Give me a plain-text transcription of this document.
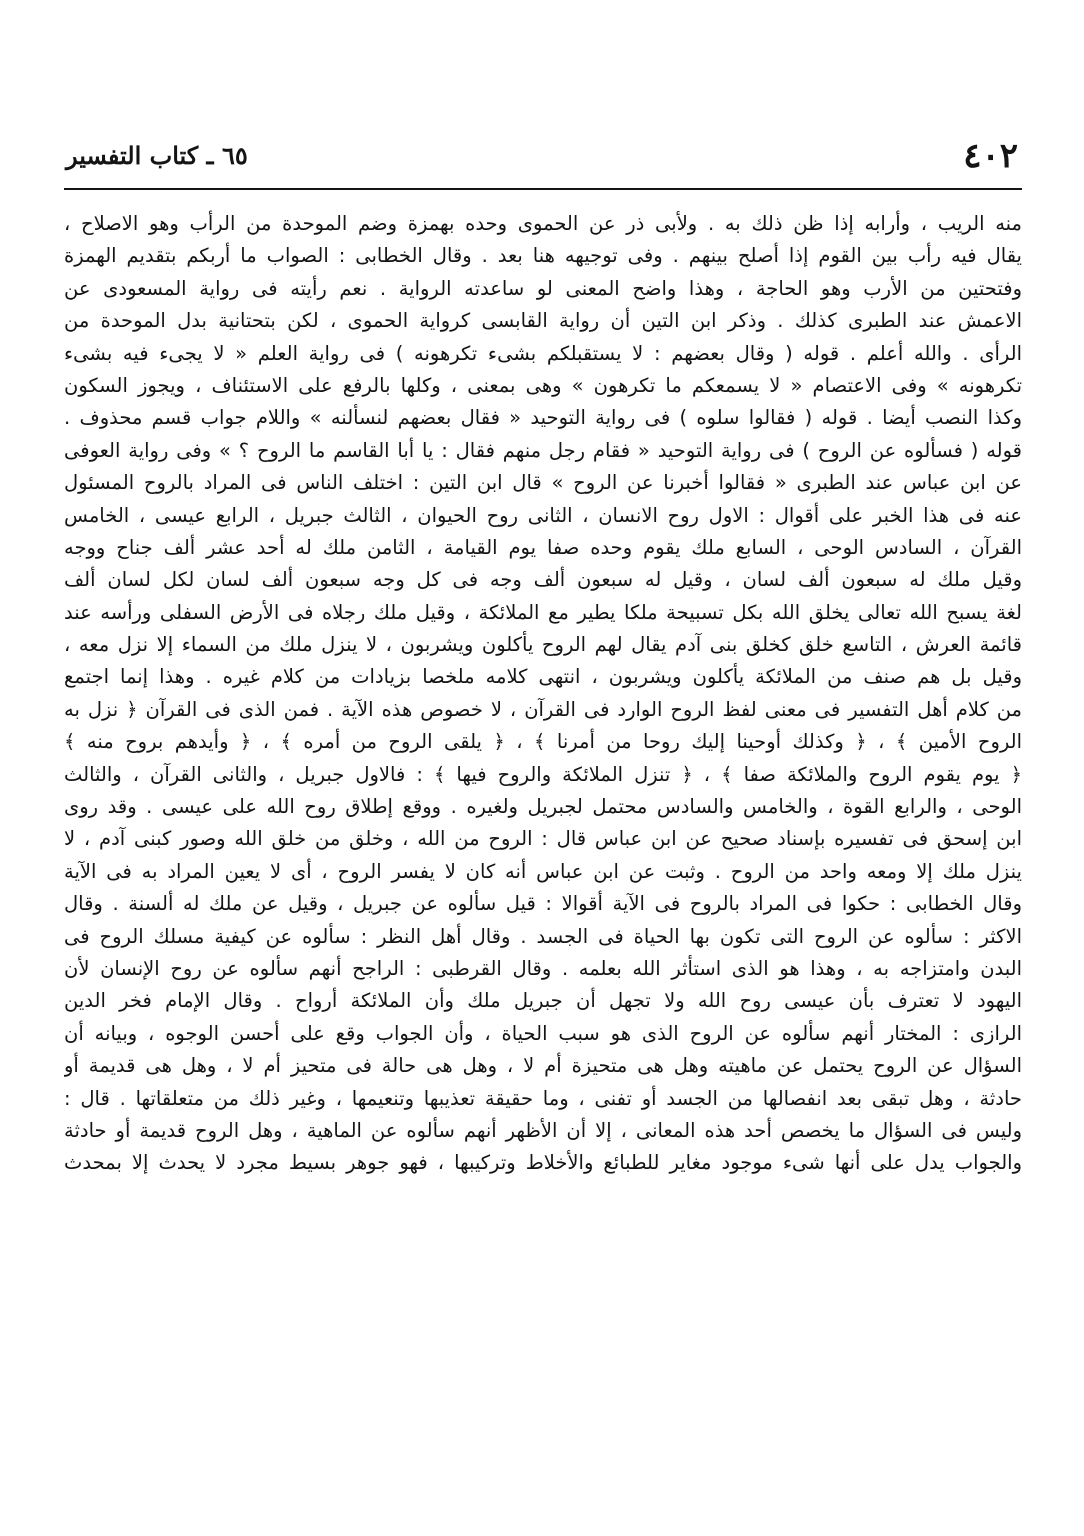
٤٠٢
٦٥ ـ كتاب التفسير
منه الريب ، وأرابه إذا ظن ذلك به . ولأبى ذر عن الحموى وحده بهمزة وضم الموحدة من الرأب وهو الاصلاح ،
يقال فيه رأب بين القوم إذا أصلح بينهم . وفى توجيهه هنا بعد . وقال الخطابى : الصواب ما أربكم بتقديم الهمزة
وفتحتين من الأرب وهو الحاجة ، وهذا واضح المعنى لو ساعدته الرواية . نعم رأيته فى رواية المسعودى عن
الاعمش عند الطبرى كذلك . وذكر ابن التين أن رواية القابسى كرواية الحموى ، لكن بتحتانية بدل الموحدة من
الرأى . والله أعلم . قوله ( وقال بعضهم : لا يستقبلكم بشىء تكرهونه ) فى رواية العلم « لا يجىء فيه بشىء
تكرهونه » وفى الاعتصام « لا يسمعكم ما تكرهون » وهى بمعنى ، وكلها بالرفع على الاستئناف ، ويجوز السكون
وكذا النصب أيضا . قوله ( فقالوا سلوه ) فى رواية التوحيد « فقال بعضهم لنسألنه » واللام جواب قسم محذوف .
قوله ( فسألوه عن الروح ) فى رواية التوحيد « فقام رجل منهم فقال : يا أبا القاسم ما الروح ؟ » وفى رواية العوفى
عن ابن عباس عند الطبرى « فقالوا أخبرنا عن الروح » قال ابن التين : اختلف الناس فى المراد بالروح المسئول
عنه فى هذا الخبر على أقوال : الاول روح الانسان ، الثانى روح الحيوان ، الثالث جبريل ، الرابع عيسى ، الخامس
القرآن ، السادس الوحى ، السابع ملك يقوم وحده صفا يوم القيامة ، الثامن ملك له أحد عشر ألف جناح ووجه
وقيل ملك له سبعون ألف لسان ، وقيل له سبعون ألف وجه فى كل وجه سبعون ألف لسان لكل لسان ألف
لغة يسبح الله تعالى يخلق الله بكل تسبيحة ملكا يطير مع الملائكة ، وقيل ملك رجلاه فى الأرض السفلى ورأسه عند
قائمة العرش ، التاسع خلق كخلق بنى آدم يقال لهم الروح يأكلون ويشربون ، لا ينزل ملك من السماء إلا نزل معه ،
وقيل بل هم صنف من الملائكة يأكلون ويشربون ، انتهى كلامه ملخصا بزيادات من كلام غيره . وهذا إنما اجتمع
من كلام أهل التفسير فى معنى لفظ الروح الوارد فى القرآن ، لا خصوص هذه الآية . فمن الذى فى القرآن ﴿ نزل به
الروح الأمين ﴾ ، ﴿ وكذلك أوحينا إليك روحا من أمرنا ﴾ ، ﴿ يلقى الروح من أمره ﴾ ، ﴿ وأيدهم بروح منه ﴾
﴿ يوم يقوم الروح والملائكة صفا ﴾ ، ﴿ تنزل الملائكة والروح فيها ﴾ : فالاول جبريل ، والثانى القرآن ، والثالث
الوحى ، والرابع القوة ، والخامس والسادس محتمل لجبريل ولغيره . ووقع إطلاق روح الله على عيسى . وقد روى
ابن إسحق فى تفسيره بإسناد صحيح عن ابن عباس قال : الروح من الله ، وخلق من خلق الله وصور كبنى آدم ، لا
ينزل ملك إلا ومعه واحد من الروح . وثبت عن ابن عباس أنه كان لا يفسر الروح ، أى لا يعين المراد به فى الآية
وقال الخطابى : حكوا فى المراد بالروح فى الآية أقوالا : قيل سألوه عن جبريل ، وقيل عن ملك له ألسنة . وقال
الاكثر : سألوه عن الروح التى تكون بها الحياة فى الجسد . وقال أهل النظر : سألوه عن كيفية مسلك الروح فى
البدن وامتزاجه به ، وهذا هو الذى استأثر الله بعلمه . وقال القرطبى : الراجح أنهم سألوه عن روح الإنسان لأن
اليهود لا تعترف بأن عيسى روح الله ولا تجهل أن جبريل ملك وأن الملائكة أرواح . وقال الإمام فخر الدين
الرازى : المختار أنهم سألوه عن الروح الذى هو سبب الحياة ، وأن الجواب وقع على أحسن الوجوه ، وبيانه أن
السؤال عن الروح يحتمل عن ماهيته وهل هى متحيزة أم لا ، وهل هى حالة فى متحيز أم لا ، وهل هى قديمة أو
حادثة ، وهل تبقى بعد انفصالها من الجسد أو تفنى ، وما حقيقة تعذيبها وتنعيمها ، وغير ذلك من متعلقاتها . قال :
وليس فى السؤال ما يخصص أحد هذه المعانى ، إلا أن الأظهر أنهم سألوه عن الماهية ، وهل الروح قديمة أو حادثة
والجواب يدل على أنها شىء موجود مغاير للطبائع والأخلاط وتركيبها ، فهو جوهر بسيط مجرد لا يحدث إلا بمحدث
